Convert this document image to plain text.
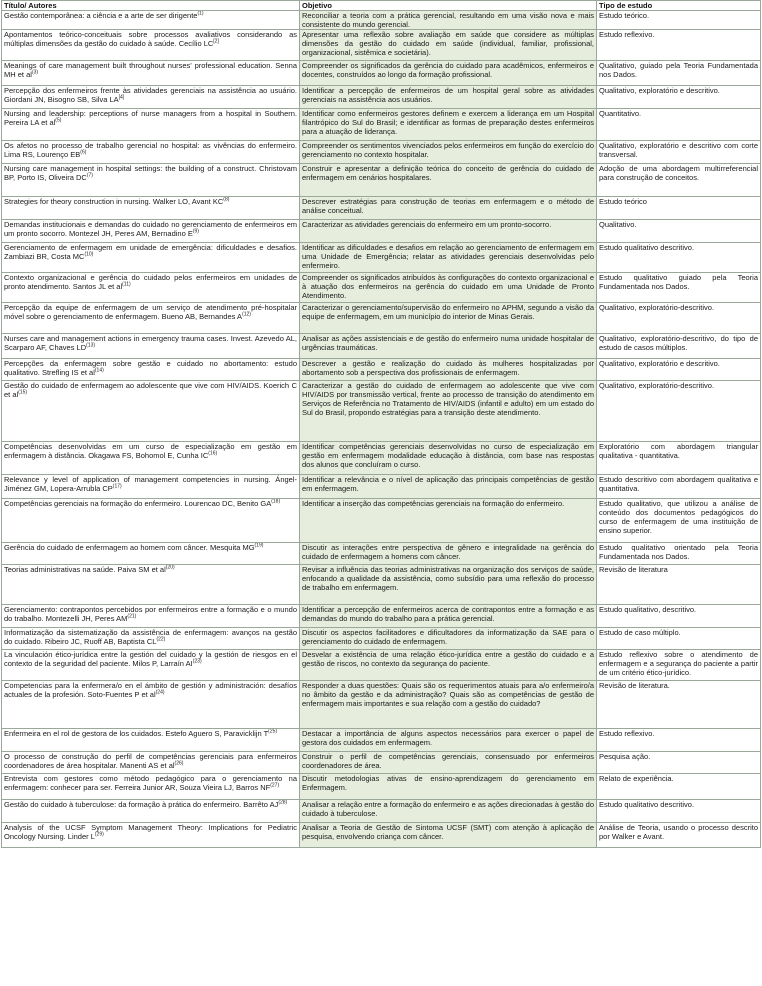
Título/ Autores	Objetivo	Tipo de estudo
Gestão contemporânea: a ciência e a arte de ser dirigente$^{(1)}$	Reconciliar a teoria com a prática gerencial, resultando em uma visão nova e mais consistente do mundo gerencial.	Estudo teórico.
Apontamentos teórico-conceituais sobre processos avaliativos considerando as múltiplas dimensões da gestão do cuidado à saúde. Cecílio LC[2]	Apresentar uma reflexão sobre avaliação em saúde que considere as múltiplas dimensões da gestão do cuidado em saúde (individual, familiar, profissional, organizacional, sistêmica e societária).	Estudo reflexivo.
Meanings of care management built throughout nurses' professional education. Senna MH et $al^{(3)}$	Compreender os significados da gerência do cuidado para acadêmicos, enfermeiros e docentes, construídos ao longo da formação profissional.	Qualitativo, guiado pela Teoria Fundamentada nos Dados.
Percepção dos enfermeiros frente às atividades gerenciais na assistência ao usuário. Giordani JN, Bisogno SB, Silva LA[4]	Identificar a percepção de enfermeiros de um hospital geral sobre as atividades gerenciais na assistência aos usuários.	Qualitativo, exploratório e descritivo.
Nursing and leadership: perceptions of nurse managers from a hospital in Southern. Pereira LA et $al^{(5)}$	Identificar como enfermeiros gestores definem e exercem a liderança em um Hospital filantrópico do Sul do Brasil; e identificar as formas de preparação destes enfermeiros para a atuação de liderança.	Quantitativo.
Os afetos no processo de trabalho gerencial no hospital: as vivências do enfermeiro. Lima RS, Lourenço EB$^{(6)}$	Compreender os sentimentos vivenciados pelos enfermeiros em função do exercício do gerenciamento no contexto hospitalar.	Qualitativo, exploratório e descritivo com corte transversal.
Nursing care management in hospital settings: the building of a construct. Christovam BP, Porto IS, Oliveira DC$^{(7)}$	Construir e apresentar a definição teórica do conceito de gerência do cuidado de enfermagem em cenários hospitalares.	Adoção de uma abordagem multirreferencial para construção de conceitos.
Strategies for theory construction in nursing. Walker LO, Avant KC$^{(8)}$	Descrever estratégias para construção de teorias em enfermagem e o método de análise conceitual.	Estudo teórico
Demandas institucionais e demandas do cuidado no gerenciamento de enfermeiros em um pronto socorro. Montezel JH, Peres AM, Bernadino $E^{(9)}$	Caracterizar as atividades gerenciais do enfermeiro em um pronto-socorro.	Qualitativo.
Gerenciamento de enfermagem em unidade de emergência: dificuldades e desafios. Zambiazi BR, Costa MC$^{(10)}$	Identificar as dificuldades e desafios em relação ao gerenciamento de enfermagem em uma Unidade de Emergência; relatar as atividades gerenciais desenvolvidas pelo enfermeiro.	Estudo qualitativo descritivo.
Contexto organizacional e gerência do cuidado pelos enfermeiros em unidades de pronto atendimento. Santos JL et $al^{(11)}$	Compreender os significados atribuídos às configurações do contexto organizacional e à atuação dos enfermeiros na gerência do cuidado em uma Unidade de Pronto Atendimento.	Estudo qualitativo guiado pela Teoria Fundamentada nos Dados.
Percepção da equipe de enfermagem de um serviço de atendimento pré-hospitalar móvel sobre o gerenciamento de enfermagem. Bueno AB, Bernandes $A^{(12)}$	Caracterizar o gerenciamento/supervisão do enfermeiro no APHM, segundo a visão da equipe de enfermagem, em um município do interior de Minas Gerais.	Qualitativo, exploratório-descritivo.
Nurses care and management actions in emergency trauma cases. Invest. Azevedo AL, Scarparo AF, Chaves LD$^{(13)}$	Analisar as ações assistenciais e de gestão do enfermeiro numa unidade hospitalar de urgências traumáticas.	Qualitativo, exploratório-descritivo, do tipo de estudo de casos múltiplos.
Percepções da enfermagem sobre gestão e cuidado no abortamento: estudo qualitativo. Strefling IS et $al^{(14)}$	Descrever a gestão e realização do cuidado às mulheres hospitalizadas por abortamento sob a perspectiva dos profissionais de enfermagem.	Qualitativo, exploratório e descritivo.
Gestão do cuidado de enfermagem ao adolescente que vive com HIV/AIDS. Koerich C et $al^{(15)}$	Caracterizar a gestão do cuidado de enfermagem ao adolescente que vive com HIV/AIDS por transmissão vertical, frente ao processo de transição do atendimento em Serviços de Referência no Tratamento de HIV/AIDS (infantil e adulto) em um estado do Sul do Brasil, propondo estratégias para a transição deste atendimento.	Qualitativo, exploratório-descritivo.
Competências desenvolvidas em um curso de especialização em gestão em enfermagem à distância. Okagawa FS, Bohomol E, Cunha IC$^{(16)}$	Identificar competências gerenciais desenvolvidas no curso de especialização em gestão em enfermagem modalidade educação à distância, com base nas respostas dos alunos que concluíram o curso.	Exploratório com abordagem triangular qualitativa - quantitativa.
Relevance y level of application of management competencies in nursing. Ángel-Jiménez GM, Lopera-Arrubla CP$^{(17)}$	Identificar a relevância e o nível de aplicação das principais competências de gestão em enfermagem.	Estudo descritivo com abordagem qualitativa e quantitativa.
Competências gerenciais na formação do enfermeiro. Lourencao DC, Benito GA$^{(18)}$	Identificar a inserção das competências gerenciais na formação do enfermeiro.	Estudo qualitativo, que utilizou a análise de conteúdo dos documentos pedagógicos do curso de enfermagem de uma instituição de ensino superior.
Gerência do cuidado de enfermagem ao homem com câncer. Mesquita MG$^{(19)}$	Discutir as interações entre perspectiva de gênero e integralidade na gerência do cuidado de enfermagem a homens com câncer.	Estudo qualitativo orientado pela Teoria Fundamentada nos Dados.
Teorias administrativas na saúde. Paiva SM et $al^{(20)}$	Revisar a influência das teorias administrativas na organização dos serviços de saúde, enfocando a qualidade da assistência, como subsídio para uma reflexão do processo de trabalho em enfermagem.	Revisão de literatura
Gerenciamento: contrapontos percebidos por enfermeiros entre a formação e o mundo do trabalho. Montezelli JH, Peres AM$^{(21)}$	Identificar a percepção de enfermeiros acerca de contrapontos entre a formação e as demandas do mundo do trabalho para a prática gerencial.	Estudo qualitativo, descritivo.
Informatização da sistematização da assistência de enfermagem: avanços na gestão do cuidado. Ribeiro JC, Ruoff AB, Baptista CL$^{(22)}$	Discutir os aspectos facilitadores e dificultadores da informatização da SAE para o gerenciamento do cuidado de enfermagem.	Estudo de caso múltiplo.
La vinculación ético-jurídica entre la gestión del cuidado y la gestión de riesgos en el contexto de la seguridad del paciente. Milos P, Larraín AI$^{(23)}$	Desvelar a existência de uma relação ético-jurídica entre a gestão do cuidado e a gestão de riscos, no contexto da segurança do paciente.	Estudo reflexivo sobre o atendimento de enfermagem e a segurança do paciente a partir de um critério ético-jurídico.
Competencias para la enfermera/o en el ámbito de gestión y administración: desafíos actuales de la profesión. Soto-Fuentes P et $al^{(24)}$	Responder a duas questões: Quais são os requerimentos atuais para a/o enfermeiro/a no âmbito da gestão e da administração? Quais são as competências de gestão de enfermagem mais importantes e sua relação com a gestão do cuidado?	Revisão de literatura.
Enfermeira en el rol de gestora de los cuidados. Estefo Aguero S, Paravicklijn $T^{(25)}$	Destacar a importância de alguns aspectos necessários para exercer o papel de gestora dos cuidados em enfermagem.	Estudo reflexivo.
O processo de construção do perfil de competências gerenciais para enfermeiros coordenadores de área hospitalar. Manenti AS et $al^{(26)}$	Construir o perfil de competências gerenciais, consensuado por enfermeiros coordenadores de área.	Pesquisa ação.
Entrevista com gestores como método pedagógico para o gerenciamento na enfermagem: conhecer para ser. Ferreira Junior AR, Souza Vieira LJ, Barros NF$^{(27)}$	Discutir metodologias ativas de ensino-aprendizagem do gerenciamento em Enfermagem.	Relato de experiência.
Gestão do cuidado à tuberculose: da formação à prática do enfermeiro. Barrêto AJ$^{(28)}$	Analisar a relação entre a formação do enfermeiro e as ações direcionadas à gestão do cuidado à tuberculose.	Estudo qualitativo descritivo.
Analysis of the UCSF Symptom Management Theory: Implications for Pediatric Oncology Nursing. Linder $L^{(29)}$	Analisar a Teoria de Gestão de Sintoma UCSF (SMT) com atenção à aplicação de pesquisa, envolvendo criança com câncer.	Análise de Teoria, usando o processo descrito por Walker e Avant.
